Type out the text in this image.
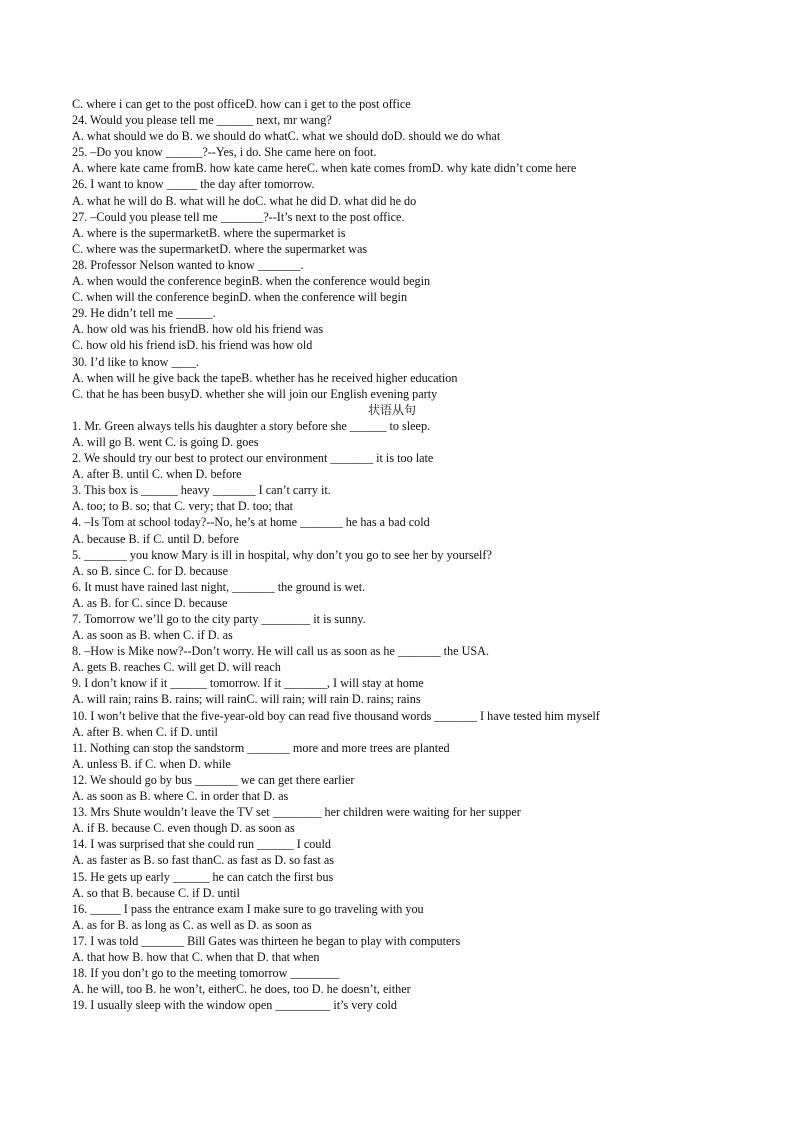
C. where i can get to the post officeD. how can i get to the post office
24. Would you please tell me ______ next, mr wang?
A. what should we do B. we should do whatC. what we should doD. should we do what
25. –Do you know ______?--Yes, i do. She came here on foot.
A. where kate came fromB. how kate came hereC. when kate comes fromD. why kate didn’t come here
26. I want to know _____ the day after tomorrow.
A. what he will do B. what will he doC. what he did D. what did he do
27. –Could you please tell me _______?--It’s next to the post office.
A. where is the supermarketB. where the supermarket is
C. where was the supermarketD. where the supermarket was
28. Professor Nelson wanted to know _______.
A. when would the conference beginB. when the conference would begin
C. when will the conference beginD. when the conference will begin
29. He didn’t tell me ______.
A. how old was his friendB. how old his friend was
C. how old his friend isD. his friend was how old
30. I’d like to know ____.
A. when will he give back the tapeB. whether has he received higher education
C. that he has been busyD. whether she will join our English evening party
状语从句
1. Mr. Green always tells his daughter a story before she ______ to sleep.
A. will go B. went C. is going D. goes
2. We should try our best to protect our environment _______ it is too late
A. after B. until C. when D. before
3. This box is ______ heavy _______ I can’t carry it.
A. too; to B. so; that C. very; that D. too; that
4. –Is Tom at school today?--No, he’s at home _______ he has a bad cold
A. because B. if C. until D. before
5. _______ you know Mary is ill in hospital, why don’t you go to see her by yourself?
A. so B. since C. for D. because
6. It must have rained last night, _______ the ground is wet.
A. as B. for C. since D. because
7. Tomorrow we’ll go to the city party ________ it is sunny.
A. as soon as B. when C. if D. as
8. –How is Mike now?--Don’t worry. He will call us as soon as he _______ the USA.
A. gets B. reaches C. will get D. will reach
9. I don’t know if it ______ tomorrow. If it _______, I will stay at home
A. will rain; rains B. rains; will rainC. will rain; will rain D. rains; rains
10. I won’t belive that the five-year-old boy can read five thousand words _______ I have tested him myself
A. after B. when C. if D. until
11. Nothing can stop the sandstorm _______ more and more trees are planted
A. unless B. if C. when D. while
12. We should go by bus _______ we can get there earlier
A. as soon as B. where C. in order that D. as
13. Mrs Shute wouldn’t leave the TV set ________ her children were waiting for her supper
A. if B. because C. even though D. as soon as
14. I was surprised that she could run ______ I could
A. as faster as B. so fast thanC. as fast as D. so fast as
15. He gets up early ______ he can catch the first bus
A. so that B. because C. if D. until
16. _____ I pass the entrance exam I make sure to go traveling with you
A. as for B. as long as C. as well as D. as soon as
17. I was told _______ Bill Gates was thirteen he began to play with computers
A. that how B. how that C. when that D. that when
18. If you don’t go to the meeting tomorrow ________
A. he will, too B. he won’t, eitherC. he does, too D. he doesn’t, either
19. I usually sleep with the window open _________ it’s very cold
